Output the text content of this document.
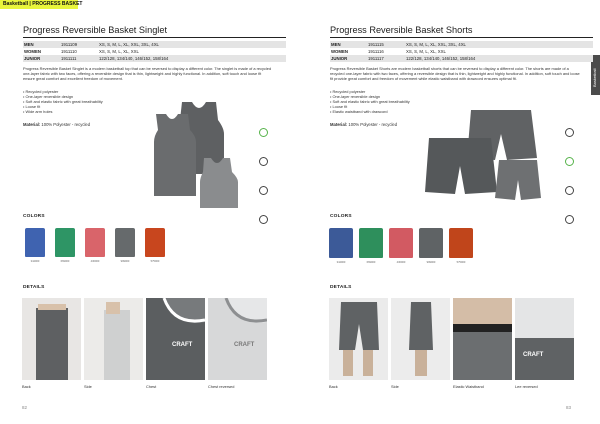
Basketball | PROGRESS BASKET
Basketball
Progress Reversible Basket Singlet
MEN	1911109	XS, S, M, L, XL, XXL, 3XL, 4XL
WOMEN	1911110	XS, S, M, L, XL, XXL
JUNIOR	1911111	122/128, 134/140, 146/152, 158/164
Progress Reversible Basket Singlet is a modern basketball top that can be reversed to display a different color. The singlet is made of a recycled one-layer fabric with two faces, offering a reversible design that is thin, lightweight and highly functional. In addition, soft touch and loose fit ensure great comfort and excellent freedom of movement.
• Recycled polyester
• One-layer reversible design
• Soft and elastic fabric with great breathability
• Loose fit
• Wide arm holes
Material: 100% Polyester - recycled
COLORS
344900	669900	430900	999900	575900
DETAILS
Back	Side
CRAFT
Chest
CRAFT
Chest reversed
82
Progress Reversible Basket Shorts
MEN	1911115	XS, S, M, L, XL, XXL, 3XL, 4XL
WOMEN	1911116	XS, S, M, L, XL, XXL
JUNIOR	1911117	122/128, 134/140, 146/152, 158/164
Progress Reversible Basket Shorts are modern basketball shorts that can be reversed to display a different color. The shorts are made of a recycled one-layer fabric with two faces, offering a reversible design that is thin, lightweight and highly functional. In addition, soft touch and loose fit provide great comfort and freedom of movement while elastic waistband with drawcord ensures optimal fit.
• Recycled polyester
• One-layer reversible design
• Soft and elastic fabric with great breathability
• Loose fit
• Elastic waistband with drawcord
Material: 100% Polyester - recycled
COLORS
344900	669900	430900	999900	575900
DETAILS
Back	Side	Elastic Waistband
CRAFT
Lee reversed
83
